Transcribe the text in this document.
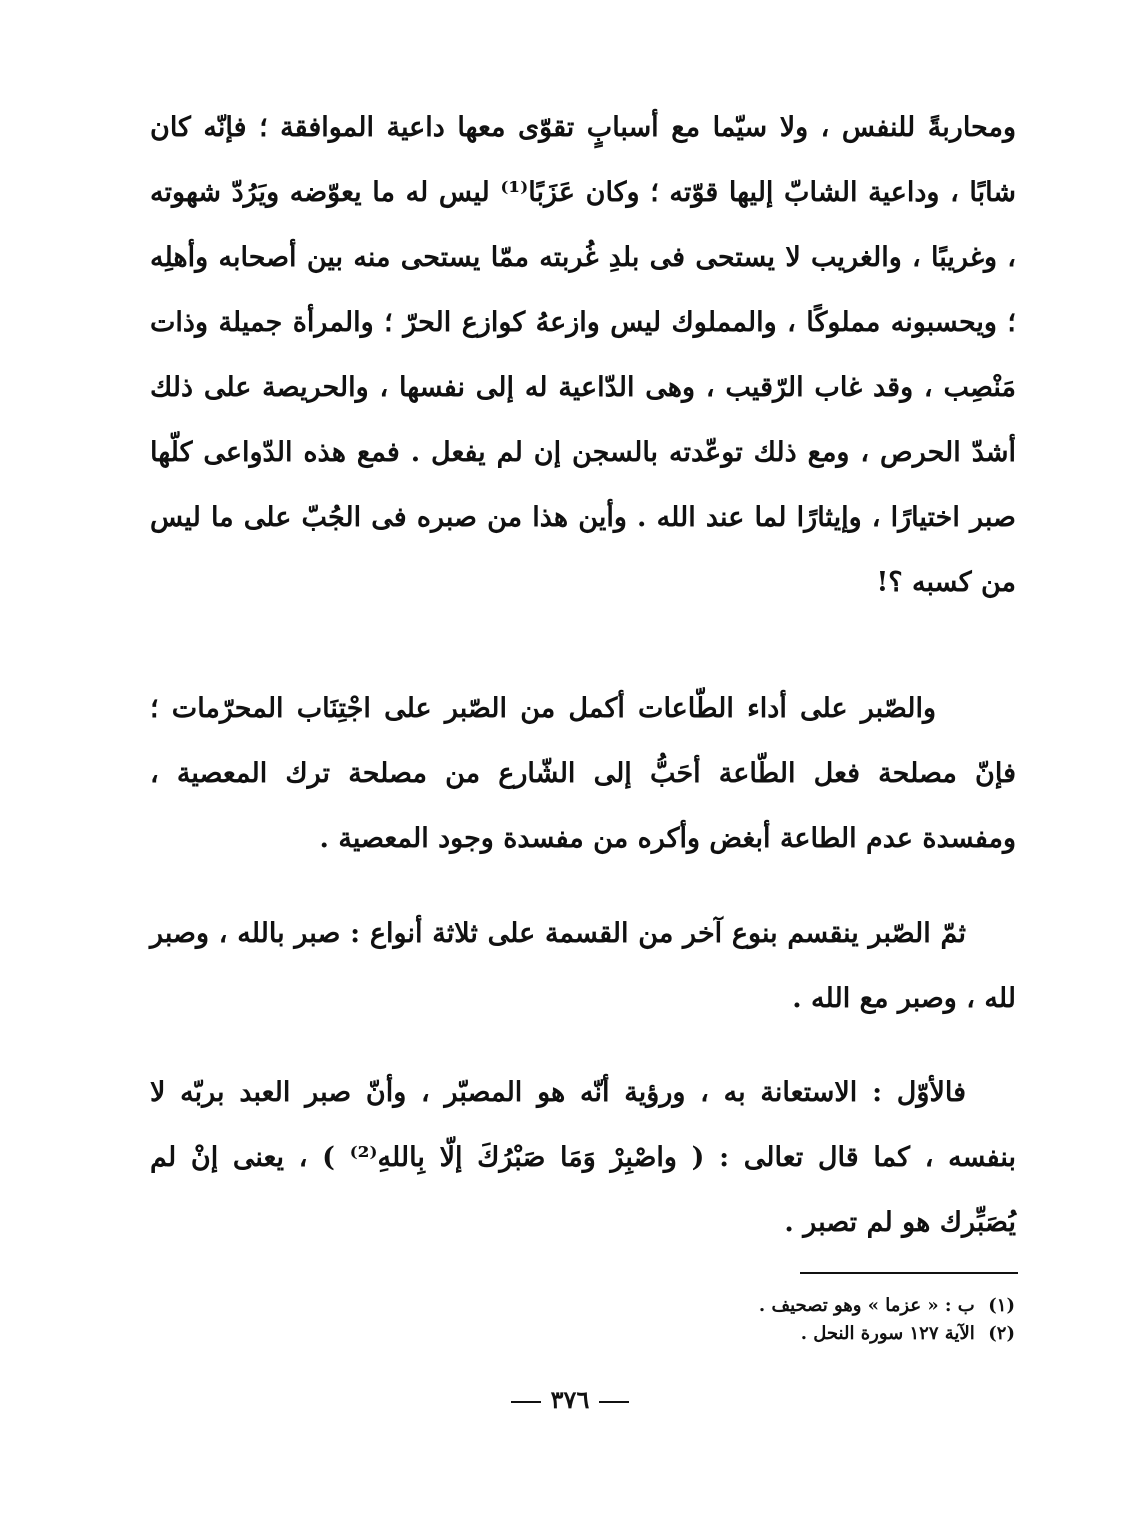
ومحاربةً للنفس ، ولا سيّما مع أسبابٍ تقوّى معها داعية الموافقة ؛ فإنّه كان شابًا ، وداعية الشابّ إليها قوّته ؛ وكان عَزَبًا⁽¹⁾ ليس له ما يعوّضه ويَرُدّ شهوته ، وغريبًا ، والغريب لا يستحى فى بلدِ غُربته ممّا يستحى منه بين أصحابه وأهلِه ؛ ويحسبونه مملوكًا ، والمملوك ليس وازعهُ كوازع الحرّ ؛ والمرأة جميلة وذات مَنْصِب ، وقد غاب الرّقيب ، وهى الدّاعية له إلى نفسها ، والحريصة على ذلك أشدّ الحرص ، ومع ذلك توعّدته بالسجن إن لم يفعل . فمع هذه الدّواعى كلّها صبر اختيارًا ، وإيثارًا لما عند الله . وأين هذا من صبره فى الجُبّ على ما ليس من كسبه ؟!

والصّبر على أداء الطّاعات أكمل من الصّبر على اجْتِنَاب المحرّمات ؛ فإنّ مصلحة فعل الطّاعة أحَبُّ إلى الشّارع من مصلحة ترك المعصية ، ومفسدة عدم الطاعة أبغض وأكره من مفسدة وجود المعصية .

ثمّ الصّبر ينقسم بنوع آخر من القسمة على ثلاثة أنواع : صبر بالله ، وصبر لله ، وصبر مع الله .

فالأوّل : الاستعانة به ، ورؤية أنّه هو المصبّر ، وأنّ صبر العبد بربّه لا بنفسه ، كما قال تعالى : ( واصْبِرْ وَمَا صَبْرُكَ إلّا بِاللهِ⁽²⁾ ) ، يعنى إنْ لم يُصَبِّرك هو لم تصبر .

(١) ب : « عزما » وهو تصحيف .
(٢) الآية ١٢٧ سورة النحل .
٣٧٦
